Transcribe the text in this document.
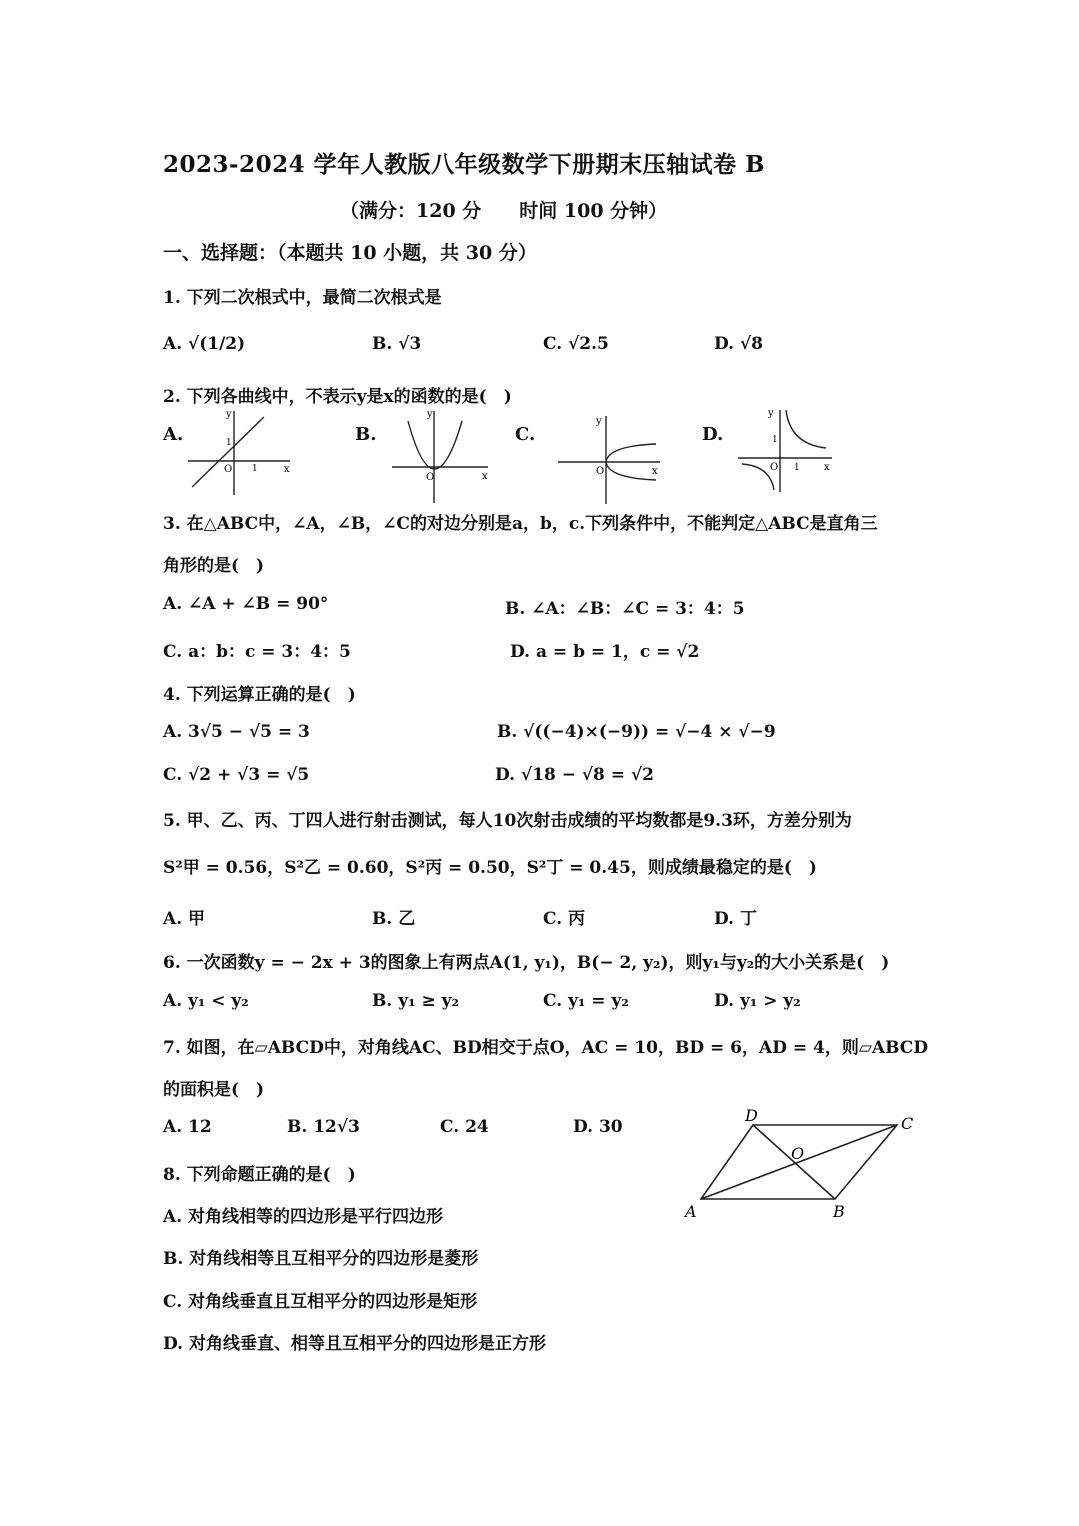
2023-2024 学年人教版八年级数学下册期末压轴试卷 B
（满分：120 分　　时间 100 分钟）
一、选择题：（本题共 10 小题，共 30 分）
1. 下列二次根式中，最简二次根式是
A. √(1/2)	B. √3	C. √2.5	D. √8
2. 下列各曲线中，不表示y是x的函数的是(　)
A.	B.	C.	D.
y
x
O
1
1
y
x
O
y
x
O
y
x
O
1
1
3. 在△ABC中，∠A，∠B，∠C的对边分别是a，b，c.下列条件中，不能判定△ABC是直角三
角形的是(　)
A. ∠A + ∠B = 90°	B. ∠A：∠B：∠C = 3：4：5
C. a：b：c = 3：4：5	D. a = b = 1，c = √2
4. 下列运算正确的是(　)
A. 3√5 − √5 = 3	B. √((−4)×(−9)) = √−4 × √−9
C. √2 + √3 = √5	D. √18 − √8 = √2
5. 甲、乙、丙、丁四人进行射击测试，每人10次射击成绩的平均数都是9.3环，方差分别为
S²甲 = 0.56，S²乙 = 0.60，S²丙 = 0.50，S²丁 = 0.45，则成绩最稳定的是(　)
A. 甲	B. 乙	C. 丙	D. 丁
6. 一次函数y = − 2x + 3的图象上有两点A(1, y₁)，B(− 2, y₂)，则y₁与y₂的大小关系是(　)
A. y₁ < y₂	B. y₁ ≥ y₂	C. y₁ = y₂	D. y₁ > y₂
7. 如图，在▱ABCD中，对角线AC、BD相交于点O，AC = 10，BD = 6，AD = 4，则▱ABCD
的面积是(　)
A. 12	B. 12√3	C. 24	D. 30
A	B
C
D
O
8. 下列命题正确的是(　)
A. 对角线相等的四边形是平行四边形
B. 对角线相等且互相平分的四边形是菱形
C. 对角线垂直且互相平分的四边形是矩形
D. 对角线垂直、相等且互相平分的四边形是正方形
